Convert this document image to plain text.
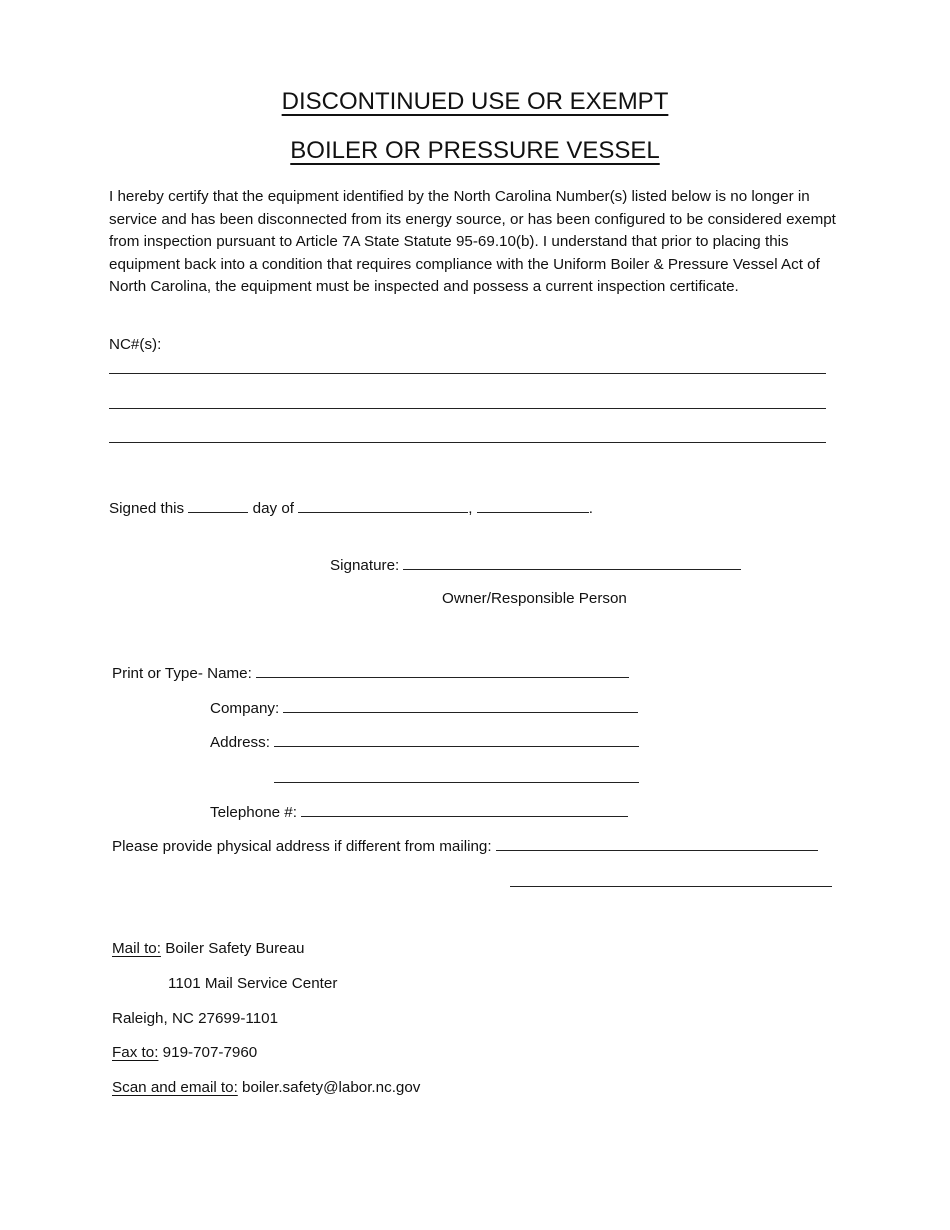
DISCONTINUED USE OR EXEMPT
BOILER OR PRESSURE VESSEL
I hereby certify that the equipment identified by the North Carolina Number(s) listed below is no longer in service and has been disconnected from its energy source, or has been configured to be considered exempt from inspection pursuant to Article 7A State Statute 95-69.10(b). I understand that prior to placing this equipment back into a condition that requires compliance with the Uniform Boiler & Pressure Vessel Act of North Carolina, the equipment must be inspected and possess a current inspection certificate.
NC#(s):
Signed this	day of	,	.
Signature:
Owner/Responsible Person
Print or Type- Name:
Company:
Address:
Telephone #:
Please provide physical address if different from mailing:
Mail to: Boiler Safety Bureau
1101 Mail Service Center
Raleigh, NC 27699-1101
Fax to: 919-707-7960
Scan and email to: boiler.safety@labor.nc.gov
